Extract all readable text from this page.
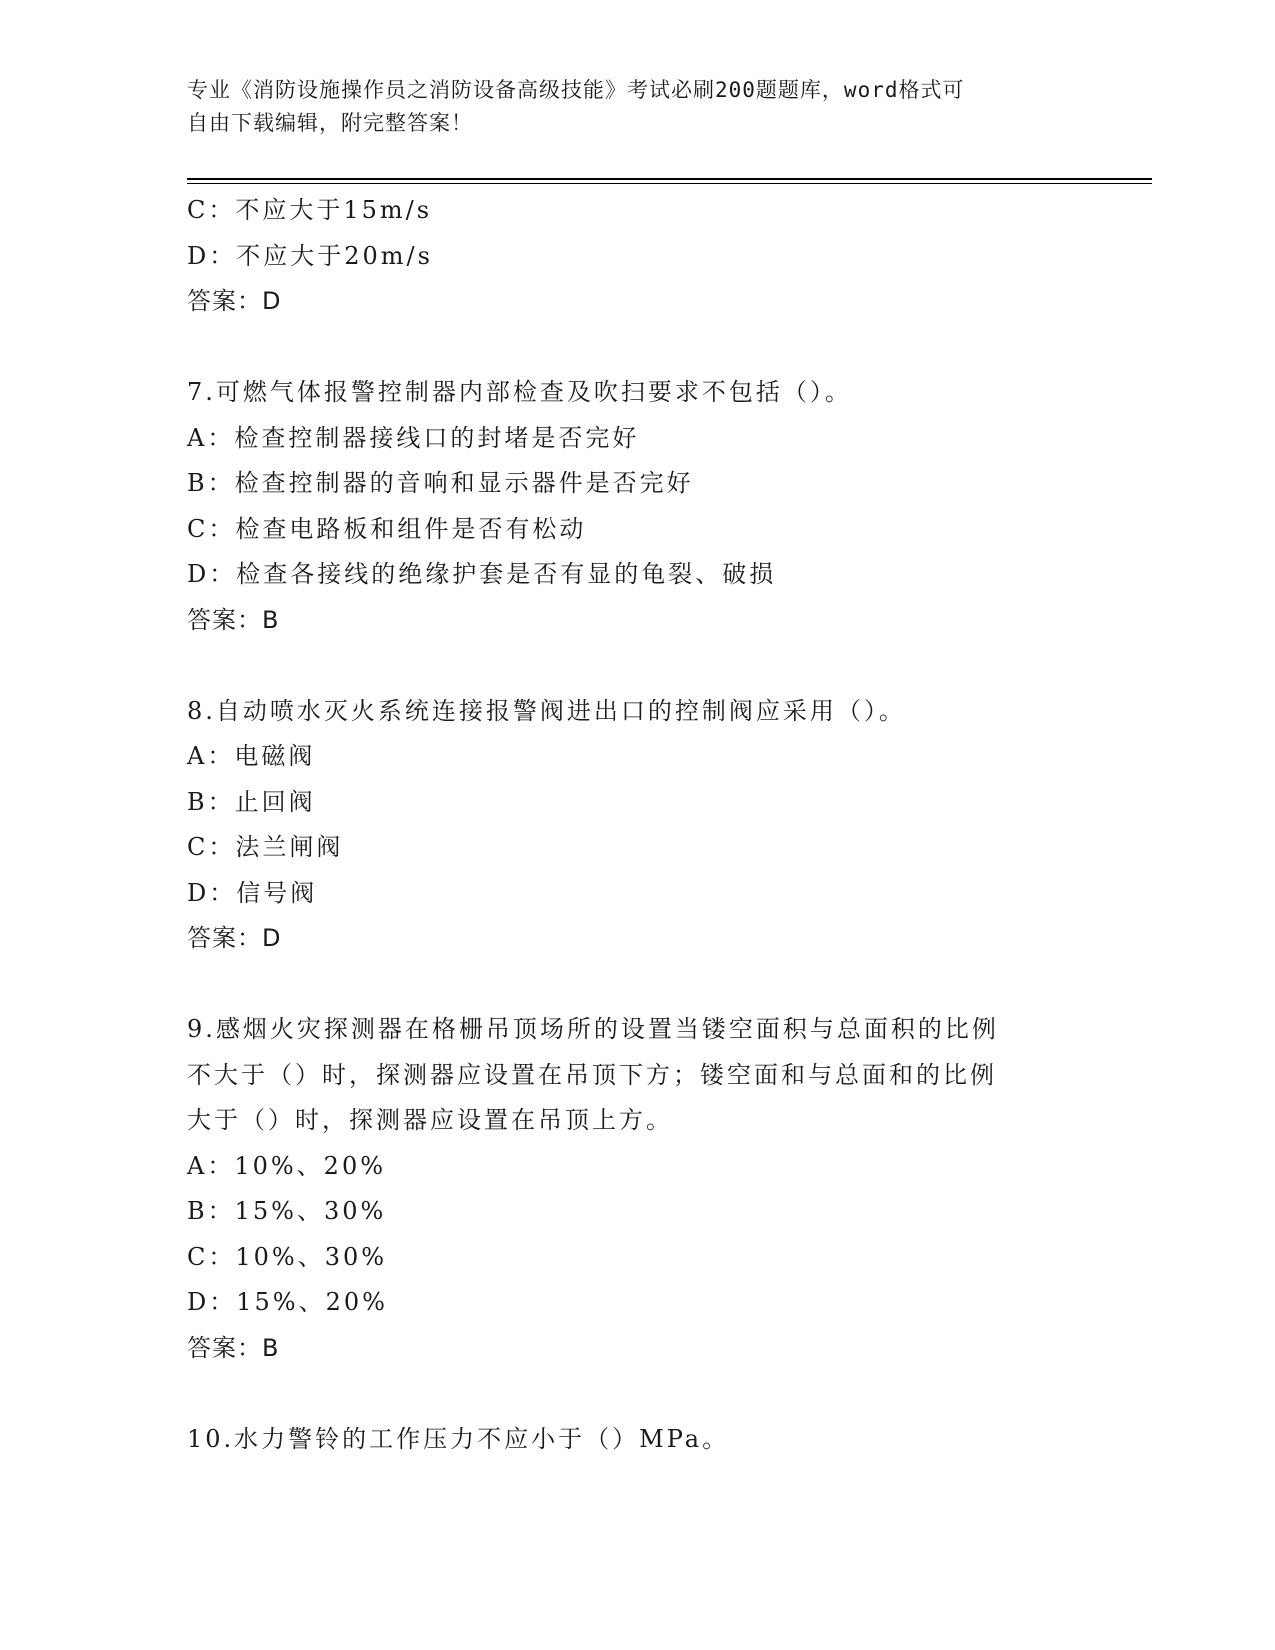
专业《消防设施操作员之消防设备高级技能》考试必刷200题题库，word格式可
自由下载编辑，附完整答案！
C：不应大于15m/s
D：不应大于20m/s
答案：D
7.可燃气体报警控制器内部检查及吹扫要求不包括（）。
A：检查控制器接线口的封堵是否完好
B：检查控制器的音响和显示器件是否完好
C：检查电路板和组件是否有松动
D：检查各接线的绝缘护套是否有显的龟裂、破损
答案：B
8.自动喷水灭火系统连接报警阀进出口的控制阀应采用（）。
A：电磁阀
B：止回阀
C：法兰闸阀
D：信号阀
答案：D
9.感烟火灾探测器在格栅吊顶场所的设置当镂空面积与总面积的比例
不大于（）时，探测器应设置在吊顶下方；镂空面和与总面和的比例
大于（）时，探测器应设置在吊顶上方。
A：10%、20%
B：15%、30%
C：10%、30%
D：15%、20%
答案：B
10.水力警铃的工作压力不应小于（）MPa。
